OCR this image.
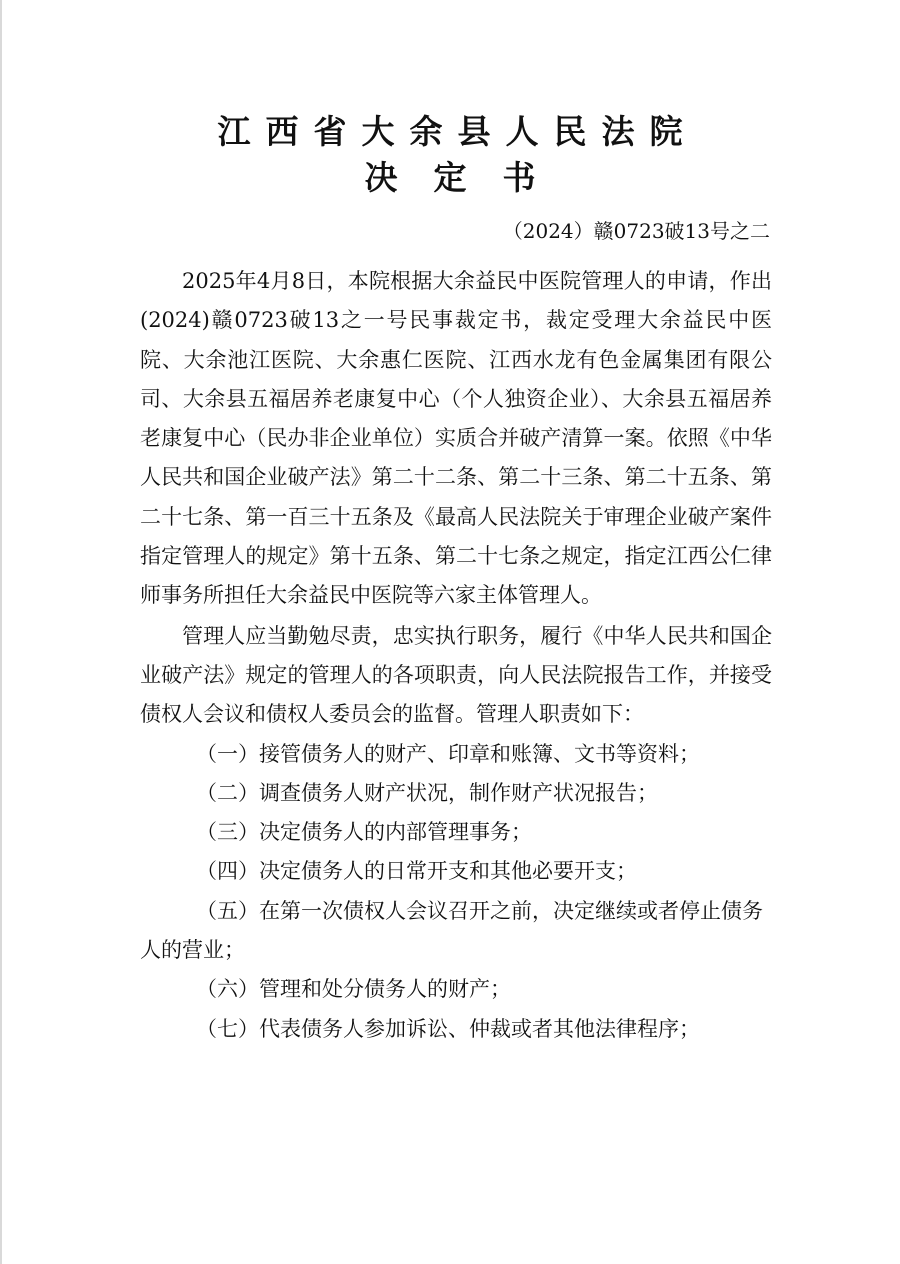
江西省大余县人民法院
决定书
（2024）赣0723破13号之二

2025年4月8日，本院根据大余益民中医院管理人的申请，作出(2024)赣0723破13之一号民事裁定书，裁定受理大余益民中医院、大余池江医院、大余惠仁医院、江西水龙有色金属集团有限公司、大余县五福居养老康复中心（个人独资企业）、大余县五福居养老康复中心（民办非企业单位）实质合并破产清算一案。依照《中华人民共和国企业破产法》第二十二条、第二十三条、第二十五条、第二十七条、第一百三十五条及《最高人民法院关于审理企业破产案件指定管理人的规定》第十五条、第二十七条之规定，指定江西公仁律师事务所担任大余益民中医院等六家主体管理人。

管理人应当勤勉尽责，忠实执行职务，履行《中华人民共和国企业破产法》规定的管理人的各项职责，向人民法院报告工作，并接受债权人会议和债权人委员会的监督。管理人职责如下：

（一）接管债务人的财产、印章和账簿、文书等资料；

（二）调查债务人财产状况，制作财产状况报告；

（三）决定债务人的内部管理事务；

（四）决定债务人的日常开支和其他必要开支；

（五）在第一次债权人会议召开之前，决定继续或者停止债务人的营业；

（六）管理和处分债务人的财产；

（七）代表债务人参加诉讼、仲裁或者其他法律程序；
